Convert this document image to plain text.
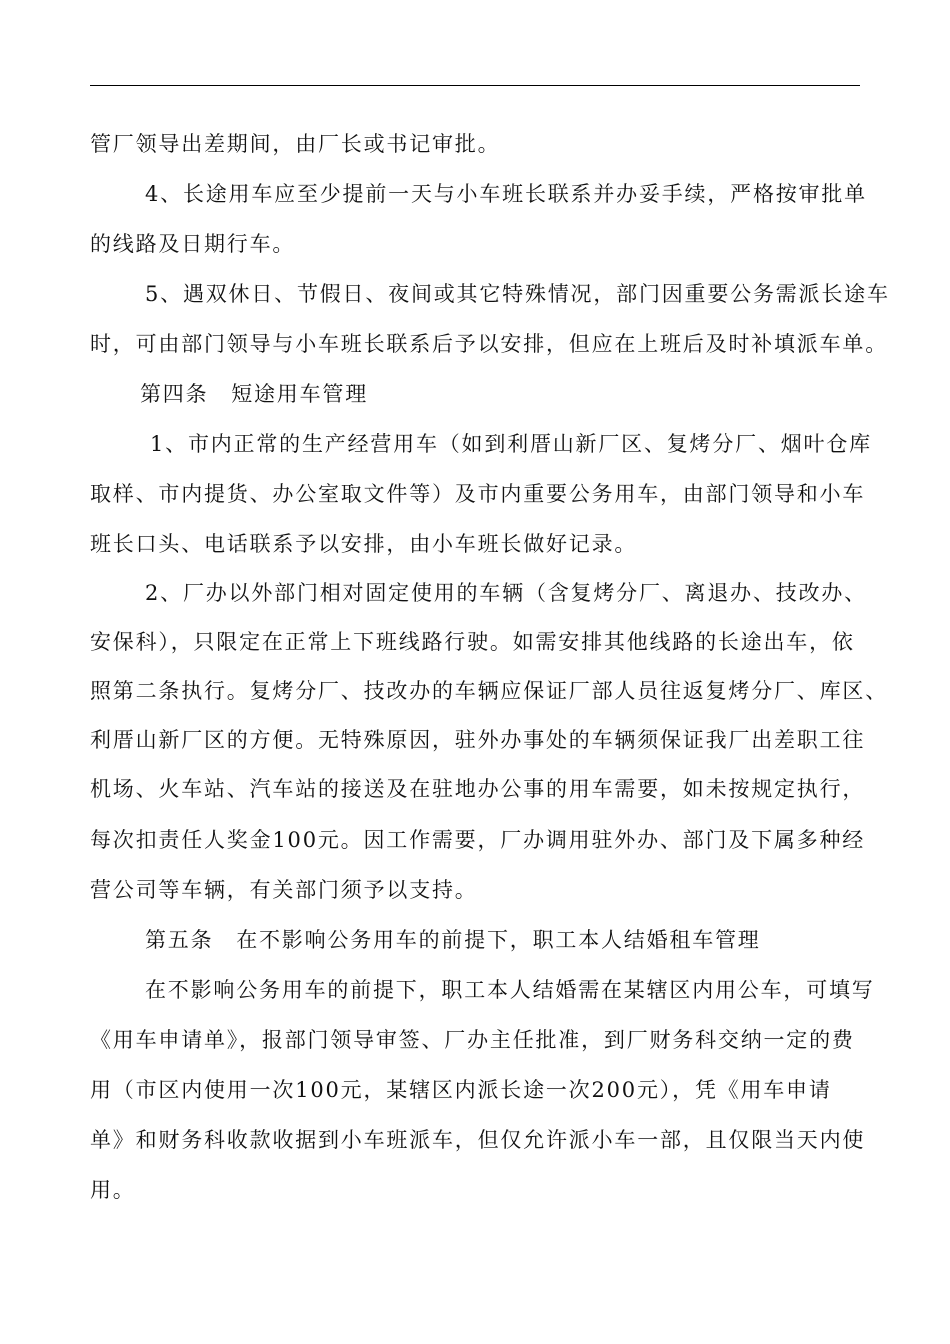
管厂领导出差期间，由厂长或书记审批。
4、长途用车应至少提前一天与小车班长联系并办妥手续，严格按审批单
的线路及日期行车。
5、遇双休日、节假日、夜间或其它特殊情况，部门因重要公务需派长途车
时，可由部门领导与小车班长联系后予以安排，但应在上班后及时补填派车单。
第四条　短途用车管理
1、市内正常的生产经营用车（如到利厝山新厂区、复烤分厂、烟叶仓库
取样、市内提货、办公室取文件等）及市内重要公务用车，由部门领导和小车
班长口头、电话联系予以安排，由小车班长做好记录。
2、厂办以外部门相对固定使用的车辆（含复烤分厂、离退办、技改办、
安保科），只限定在正常上下班线路行驶。如需安排其他线路的长途出车，依
照第二条执行。复烤分厂、技改办的车辆应保证厂部人员往返复烤分厂、库区、
利厝山新厂区的方便。无特殊原因，驻外办事处的车辆须保证我厂出差职工往
机场、火车站、汽车站的接送及在驻地办公事的用车需要，如未按规定执行，
每次扣责任人奖金100元。因工作需要，厂办调用驻外办、部门及下属多种经
营公司等车辆，有关部门须予以支持。
第五条　在不影响公务用车的前提下，职工本人结婚租车管理
在不影响公务用车的前提下，职工本人结婚需在某辖区内用公车，可填写
《用车申请单》，报部门领导审签、厂办主任批准，到厂财务科交纳一定的费
用（市区内使用一次100元，某辖区内派长途一次200元），凭《用车申请
单》和财务科收款收据到小车班派车，但仅允许派小车一部，且仅限当天内使
用。
